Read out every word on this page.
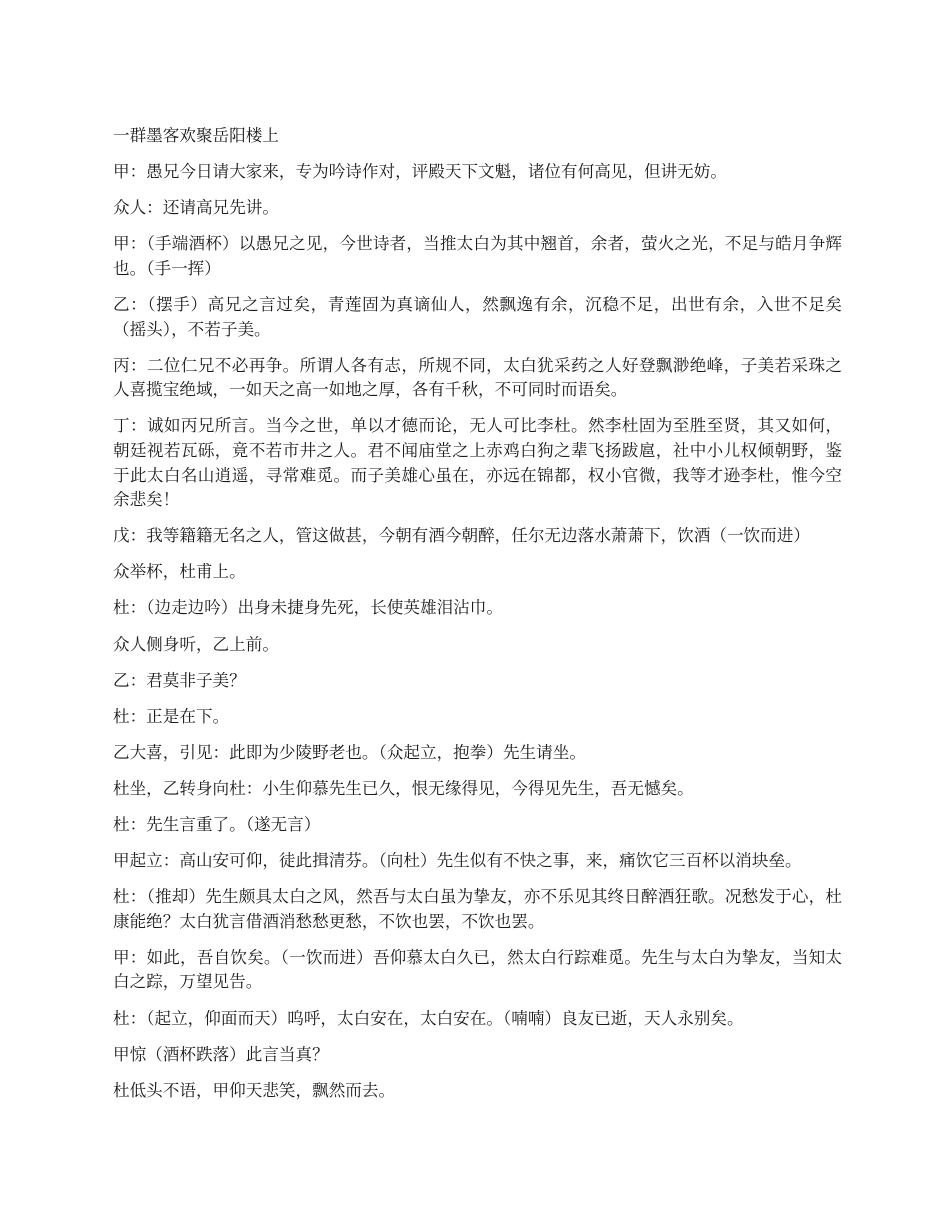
一群墨客欢聚岳阳楼上

甲：愚兄今日请大家来，专为吟诗作对，评殿天下文魁，诸位有何高见，但讲无妨。

众人：还请高兄先讲。

甲：（手端酒杯）以愚兄之见，今世诗者，当推太白为其中翘首，余者，萤火之光，不足与皓月争辉也。（手一挥）

乙：（摆手）高兄之言过矣，青莲固为真谪仙人，然飘逸有余，沉稳不足，出世有余，入世不足矣（摇头），不若子美。

丙：二位仁兄不必再争。所谓人各有志，所规不同，太白犹采药之人好登飘渺绝峰，子美若采珠之人喜揽宝绝域，一如天之高一如地之厚，各有千秋，不可同时而语矣。

丁：诚如丙兄所言。当今之世，单以才德而论，无人可比李杜。然李杜固为至胜至贤，其又如何，朝廷视若瓦砾，竟不若市井之人。君不闻庙堂之上赤鸡白狗之辈飞扬跋扈，社中小儿权倾朝野，鉴于此太白名山逍遥，寻常难觅。而子美雄心虽在，亦远在锦都，权小官微，我等才逊李杜，惟今空余悲矣！

戊：我等籍籍无名之人，管这做甚，今朝有酒今朝醉，任尔无边落水萧萧下，饮酒（一饮而进）

众举杯，杜甫上。

杜：（边走边吟）出身未捷身先死，长使英雄泪沾巾。

众人侧身听，乙上前。

乙：君莫非子美？

杜：正是在下。

乙大喜，引见：此即为少陵野老也。（众起立，抱拳）先生请坐。

杜坐，乙转身向杜：小生仰慕先生已久，恨无缘得见，今得见先生，吾无憾矣。

杜：先生言重了。（遂无言）

甲起立：高山安可仰，徒此揖清芬。（向杜）先生似有不快之事，来，痛饮它三百杯以消块垒。

杜：（推却）先生颇具太白之风，然吾与太白虽为挚友，亦不乐见其终日醉酒狂歌。况愁发于心，杜康能绝？太白犹言借酒消愁愁更愁，不饮也罢，不饮也罢。

甲：如此，吾自饮矣。（一饮而进）吾仰慕太白久已，然太白行踪难觅。先生与太白为挚友，当知太白之踪，万望见告。

杜：（起立，仰面而天）呜呼，太白安在，太白安在。（喃喃）良友已逝，天人永别矣。

甲惊（酒杯跌落）此言当真？

杜低头不语，甲仰天悲笑，飘然而去。
